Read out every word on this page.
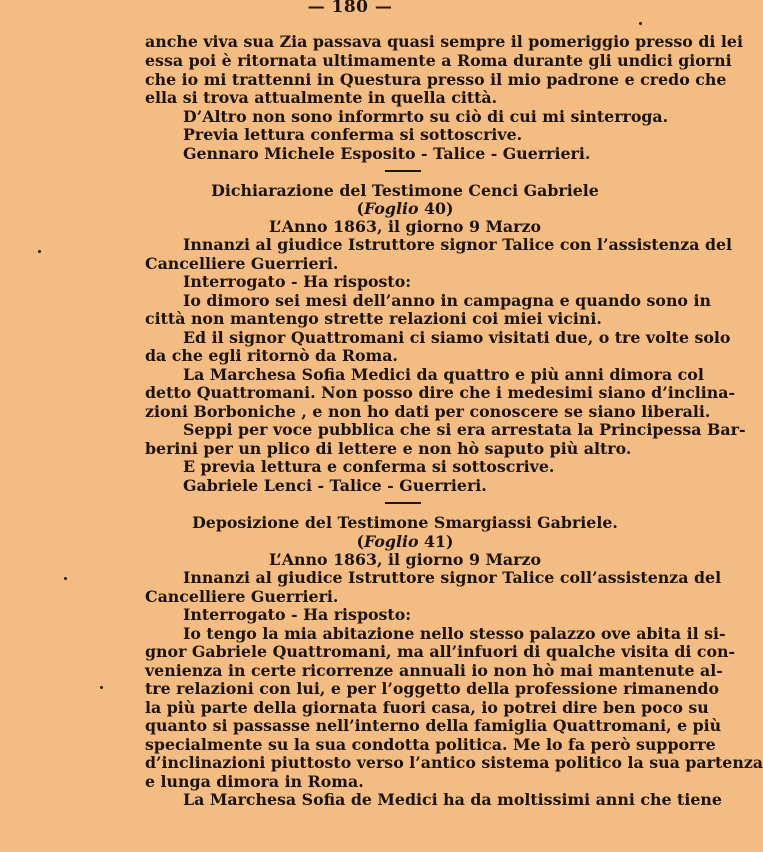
— 180 —
anche viva sua Zia passava quasi sempre il pomeriggio presso di lei
essa poi è ritornata ultimamente a Roma durante gli undici giorni
che io mi trattenni in Questura presso il mio padrone e credo che
ella si trova attualmente in quella città.
D’Altro non sono informrto su ciò di cui mi sinterroga.
Previa lettura conferma si sottoscrive.
Gennaro Michele Esposito - Talice - Guerrieri.
Dichiarazione del Testimone Cenci Gabriele
(Foglio 40)
L’Anno 1863, il giorno 9 Marzo
Innanzi al giudice Istruttore signor Talice con l’assistenza del
Cancelliere Guerrieri.
Interrogato - Ha risposto:
Io dimoro sei mesi dell’anno in campagna e quando sono in
città non mantengo strette relazioni coi miei vicini.
Ed il signor Quattromani ci siamo visitati due, o tre volte solo
da che egli ritornò da Roma.
La Marchesa Sofia Medici da quattro e più anni dimora col
detto Quattromani. Non posso dire che i medesimi siano d’inclina-
zioni Borboniche , e non ho dati per conoscere se siano liberali.
Seppi per voce pubblica che si era arrestata la Principessa Bar-
berini per un plico di lettere e non hò saputo più altro.
E previa lettura e conferma si sottoscrive.
Gabriele Lenci - Talice - Guerrieri.
Deposizione del Testimone Smargiassi Gabriele.
(Foglio 41)
L’Anno 1863, il giorno 9 Marzo
Innanzi al giudice Istruttore signor Talice coll’assistenza del
Cancelliere Guerrieri.
Interrogato - Ha risposto:
Io tengo la mia abitazione nello stesso palazzo ove abita il si-
gnor Gabriele Quattromani, ma all’infuori di qualche visita di con-
venienza in certe ricorrenze annuali io non hò mai mantenute al-
tre relazioni con lui, e per l’oggetto della professione rimanendo
la più parte della giornata fuori casa, io potrei dire ben poco su
quanto si passasse nell’interno della famiglia Quattromani, e più
specialmente su la sua condotta politica. Me lo fa però supporre
d’inclinazioni piuttosto verso l’antico sistema politico la sua partenza
e lunga dimora in Roma.
La Marchesa Sofia de Medici ha da moltissimi anni che tiene
